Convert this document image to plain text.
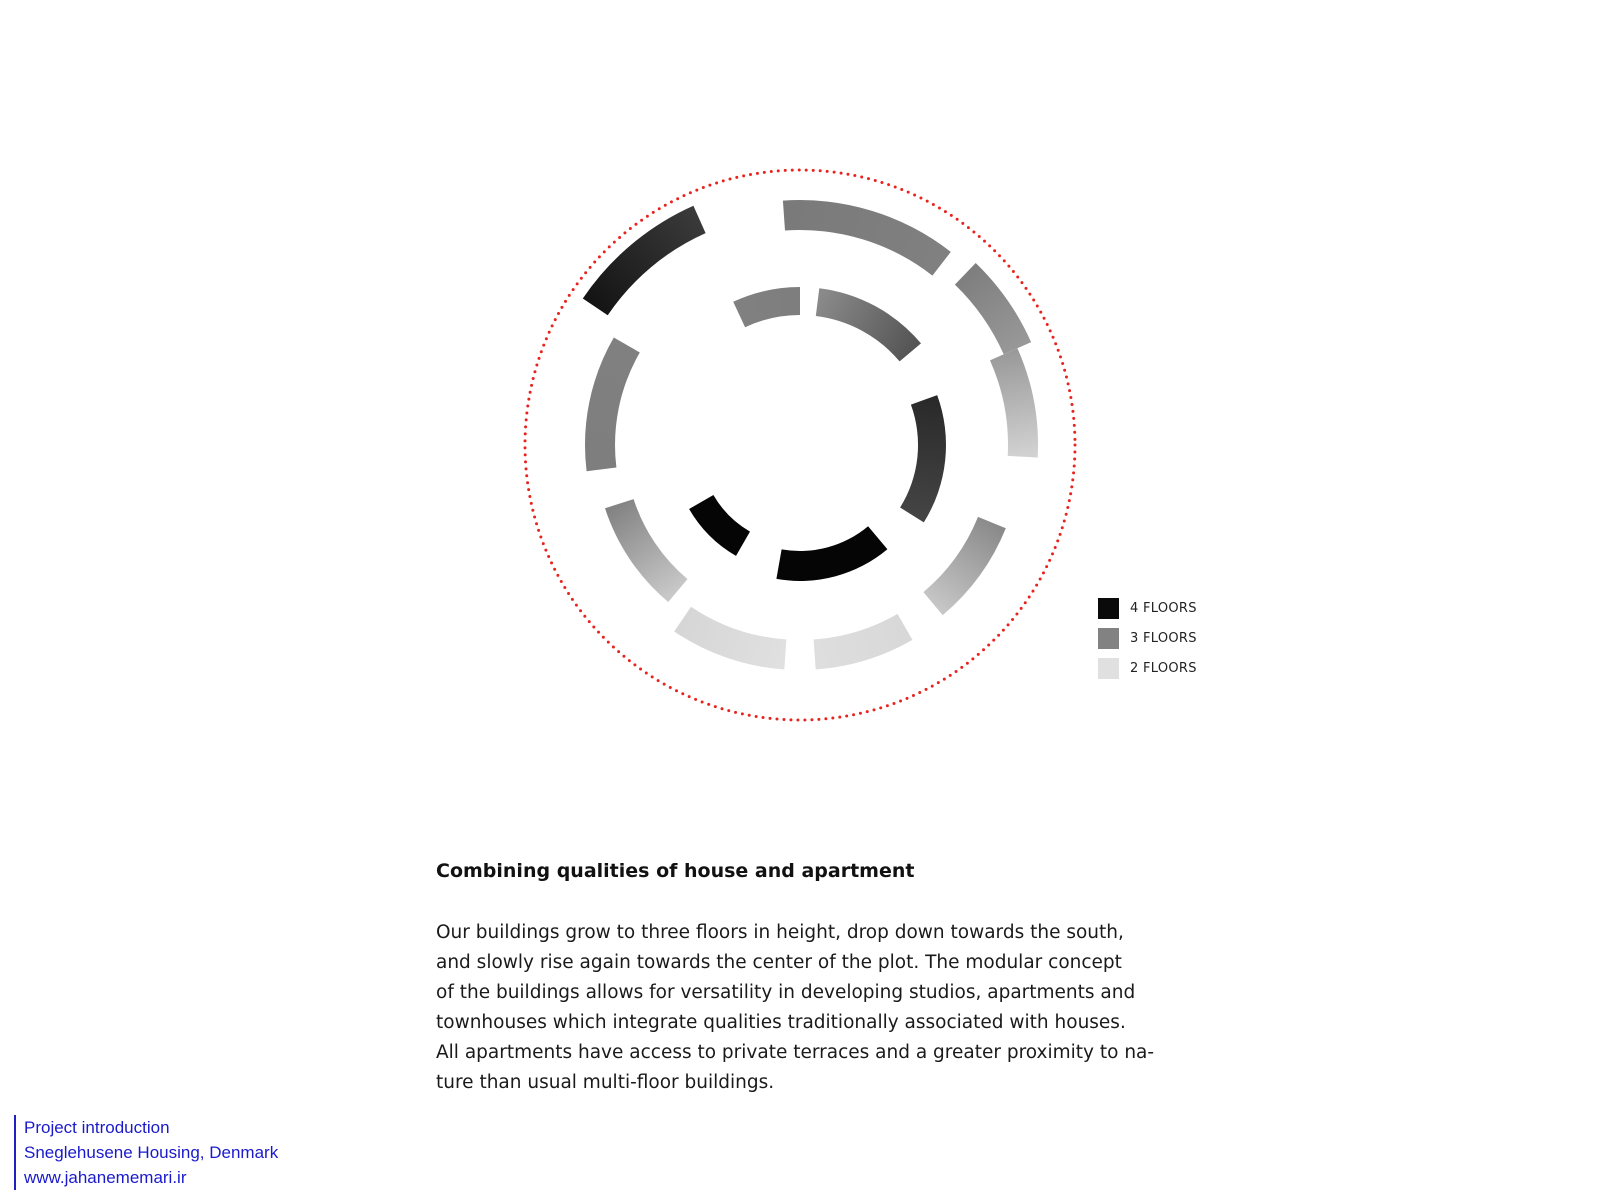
4 FLOORS
3 FLOORS
2 FLOORS
Combining qualities of house and apartment

Our buildings grow to three floors in height, drop down towards the south,
and slowly rise again towards the center of the plot. The modular concept
of the buildings allows for versatility in developing studios, apartments and
townhouses which integrate qualities traditionally associated with houses.
All apartments have access to private terraces and a greater proximity to na-
ture than usual multi-floor buildings.

Project introduction
Sneglehusene Housing, Denmark
www.jahanememari.ir
